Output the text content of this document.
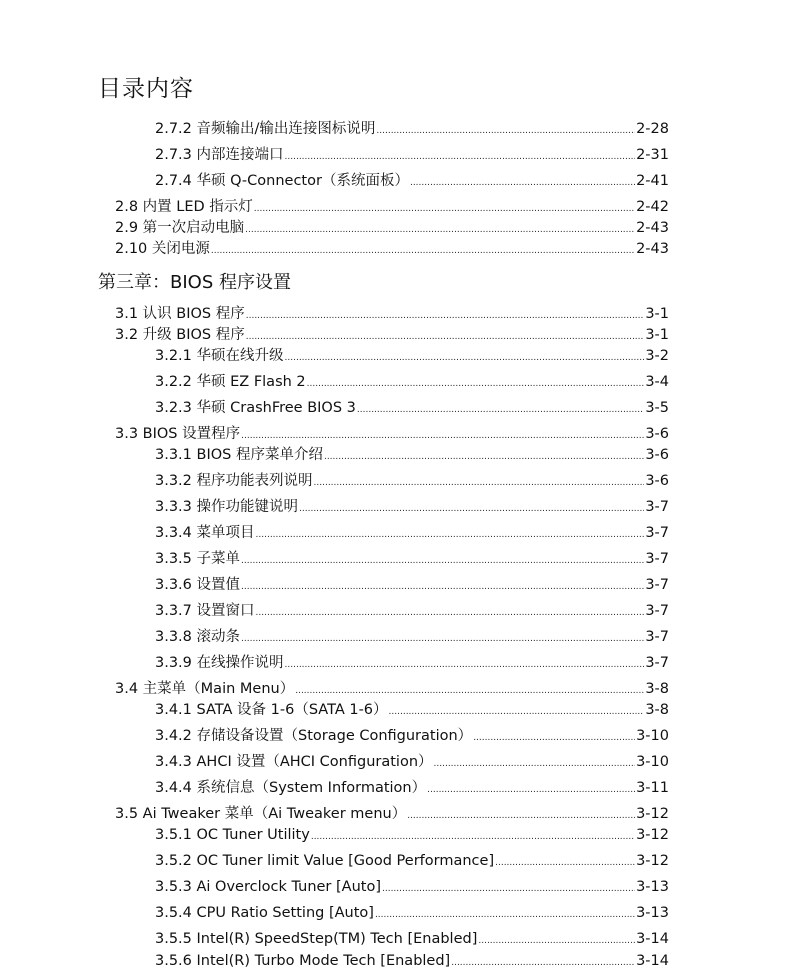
目录内容
2.7.2 音频输出/输出连接图标说明 .....	2-28
2.7.3 内部连接端口 .....	2-31
2.7.4 华硕 Q-Connector（系统面板） .....	2-41
2.8 内置 LED 指示灯 .....	2-42
2.9 第一次启动电脑 .....	2-43
2.10 关闭电源 .....	2-43
第三章：BIOS 程序设置
3.1 认识 BIOS 程序 .....	3-1
3.2 升级 BIOS 程序 .....	3-1
3.2.1 华硕在线升级 .....	3-2
3.2.2 华硕 EZ Flash 2 .....	3-4
3.2.3 华硕 CrashFree BIOS 3 .....	3-5
3.3 BIOS 设置程序 .....	3-6
3.3.1 BIOS 程序菜单介绍 .....	3-6
3.3.2 程序功能表列说明 .....	3-6
3.3.3 操作功能键说明 .....	3-7
3.3.4 菜单项目 .....	3-7
3.3.5 子菜单 .....	3-7
3.3.6 设置值 .....	3-7
3.3.7 设置窗口 .....	3-7
3.3.8 滚动条 .....	3-7
3.3.9 在线操作说明 .....	3-7
3.4 主菜单（Main Menu） .....	3-8
3.4.1 SATA 设备 1-6（SATA 1-6） .....	3-8
3.4.2 存储设备设置（Storage Configuration） .....	3-10
3.4.3 AHCI 设置（AHCI Configuration） .....	3-10
3.4.4 系统信息（System Information） .....	3-11
3.5 Ai Tweaker 菜单（Ai Tweaker menu） .....	3-12
3.5.1 OC Tuner Utility .....	3-12
3.5.2 OC Tuner limit Value [Good Performance] .....	3-12
3.5.3 Ai Overclock Tuner [Auto] .....	3-13
3.5.4 CPU Ratio Setting [Auto] .....	3-13
3.5.5 Intel(R) SpeedStep(TM) Tech [Enabled] .....	3-14
3.5.6 Intel(R) Turbo Mode Tech [Enabled] .....	3-14
